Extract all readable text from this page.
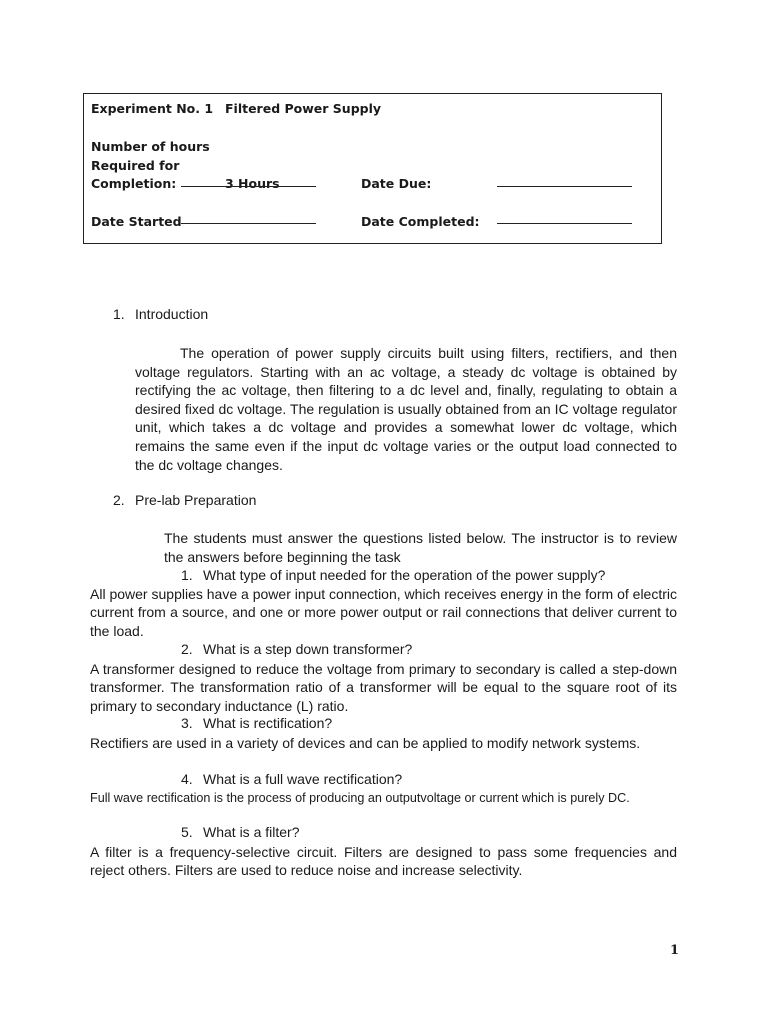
Experiment No. 1 Filtered Power Supply
Number of hours
Required for
Completion:	3 Hours	Date Due:
Date Started	Date Completed:
1. Introduction
The operation of power supply circuits built using filters, rectifiers, and then voltage regulators. Starting with an ac voltage, a steady dc voltage is obtained by rectifying the ac voltage, then filtering to a dc level and, finally, regulating to obtain a desired fixed dc voltage. The regulation is usually obtained from an IC voltage regulator unit, which takes a dc voltage and provides a somewhat lower dc voltage, which remains the same even if the input dc voltage varies or the output load connected to the dc voltage changes.
2. Pre-lab Preparation
The students must answer the questions listed below. The instructor is to review the answers before beginning the task
1. What type of input needed for the operation of the power supply?
All power supplies have a power input connection, which receives energy in the form of electric current from a source, and one or more power output or rail connections that deliver current to the load.
2. What is a step down transformer?
A transformer designed to reduce the voltage from primary to secondary is called a step-down transformer. The transformation ratio of a transformer will be equal to the square root of its primary to secondary inductance (L) ratio.
3. What is rectification?
Rectifiers are used in a variety of devices and can be applied to modify network systems.
4. What is a full wave rectification?
Full wave rectification is the process of producing an outputvoltage or current which is purely DC.
5. What is a filter?
A filter is a frequency-selective circuit. Filters are designed to pass some frequencies and reject others. Filters are used to reduce noise and increase selectivity.
1
